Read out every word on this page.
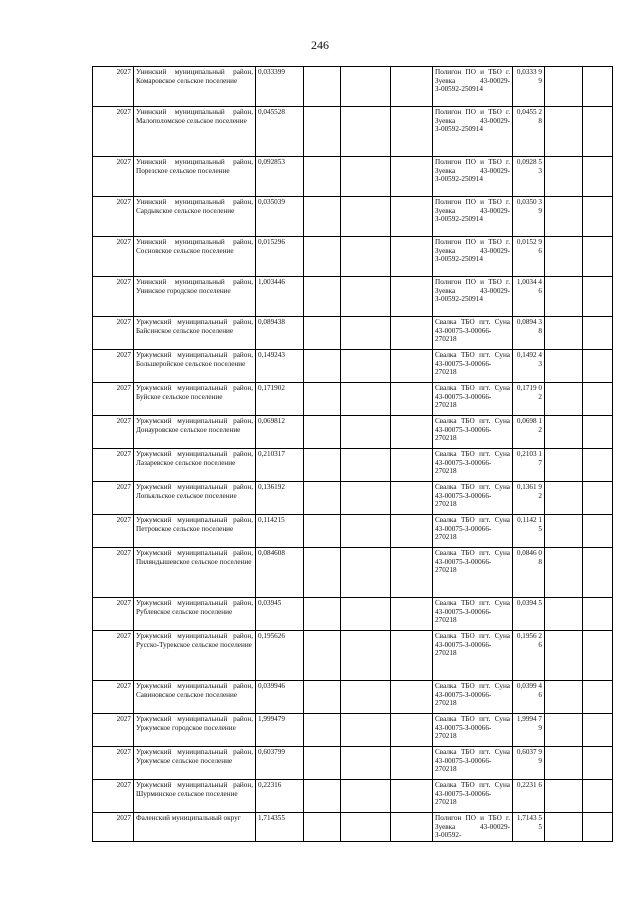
246
2027	Унинский муниципальный район, Комаровское сельское поселение	0,033399				Полигон ПО и ТБО г. Зуевка 43-00029-З-00592-250914	0,0333 99		
2027	Унинский муниципальный район, Малополомское сельское поселение	0,045528				Полигон ПО и ТБО г. Зуевка 43-00029-З-00592-250914	0,0455 28		
2027	Унинский муниципальный район, Порезское сельское поселение	0,092853				Полигон ПО и ТБО г. Зуевка 43-00029-З-00592-250914	0,0928 53		
2027	Унинский муниципальный район, Сардыкское сельское поселение	0,035039				Полигон ПО и ТБО г. Зуевка 43-00029-З-00592-250914	0,0350 39		
2027	Унинский муниципальный район, Сосновское сельское поселение	0,015296				Полигон ПО и ТБО г. Зуевка 43-00029-З-00592-250914	0,0152 96		
2027	Унинский муниципальный район, Унинское городское поселение	1,003446				Полигон ПО и ТБО г. Зуевка 43-00029-З-00592-250914	1,0034 46		
2027	Уржумский муниципальный район, Байсинское сельское поселение	0,089438				Свалка ТБО пгт. Суна 43-00075-З-00066-270218	0,0894 38		
2027	Уржумский муниципальный район, Большеройское сельское поселение	0,149243				Свалка ТБО пгт. Суна 43-00075-З-00066-270218	0,1492 43		
2027	Уржумский муниципальный район, Буйское сельское поселение	0,171902				Свалка ТБО пгт. Суна 43-00075-З-00066-270218	0,1719 02		
2027	Уржумский муниципальный район, Донауровское сельское поселение	0,069812				Свалка ТБО пгт. Суна 43-00075-З-00066-270218	0,0698 12		
2027	Уржумский муниципальный район, Лазаревское сельское поселение	0,210317				Свалка ТБО пгт. Суна 43-00075-З-00066-270218	0,2103 17		
2027	Уржумский муниципальный район, Лопьяльское сельское поселение	0,136192				Свалка ТБО пгт. Суна 43-00075-З-00066-270218	0,1361 92		
2027	Уржумский муниципальный район, Петровское сельское поселение	0,114215				Свалка ТБО пгт. Суна 43-00075-З-00066-270218	0,1142 15		
2027	Уржумский муниципальный район, Пиляндышевское сельское поселение	0,084608				Свалка ТБО пгт. Суна 43-00075-З-00066-270218	0,0846 08		
2027	Уржумский муниципальный район, Рублевское сельское поселение	0,03945				Свалка ТБО пгт. Суна 43-00075-З-00066-270218	0,0394 5		
2027	Уржумский муниципальный район, Русско-Турекское сельское поселение	0,195626				Свалка ТБО пгт. Суна 43-00075-З-00066-270218	0,1956 26		
2027	Уржумский муниципальный район, Савиновское сельское поселение	0,039946				Свалка ТБО пгт. Суна 43-00075-З-00066-270218	0,0399 46		
2027	Уржумский муниципальный район, Уржумское городское поселение	1,999479				Свалка ТБО пгт. Суна 43-00075-З-00066-270218	1,9994 79		
2027	Уржумский муниципальный район, Уржумское сельское поселение	0,603799				Свалка ТБО пгт. Суна 43-00075-З-00066-270218	0,6037 99		
2027	Уржумский муниципальный район, Шурминское сельское поселение	0,22316				Свалка ТБО пгт. Суна 43-00075-З-00066-270218	0,2231 6		
2027	Фаленский муниципальный округ	1,714355				Полигон ПО и ТБО г. Зуевка 43-00029-З-00592-	1,7143 55		
